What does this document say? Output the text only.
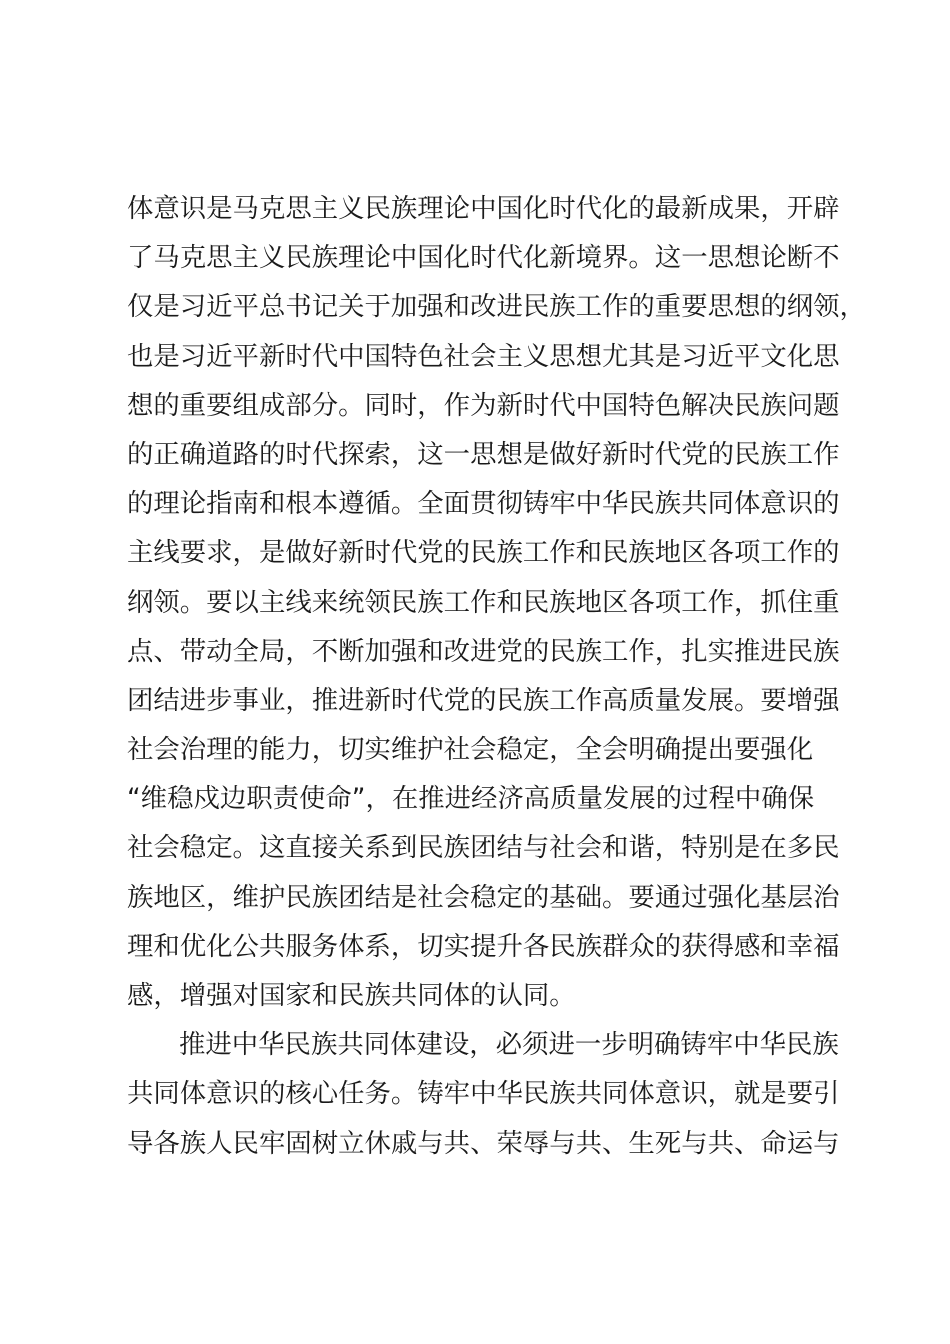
体意识是马克思主义民族理论中国化时代化的最新成果，开辟
了马克思主义民族理论中国化时代化新境界。这一思想论断不
仅是习近平总书记关于加强和改进民族工作的重要思想的纲领，
也是习近平新时代中国特色社会主义思想尤其是习近平文化思
想的重要组成部分。同时，作为新时代中国特色解决民族问题
的正确道路的时代探索，这一思想是做好新时代党的民族工作
的理论指南和根本遵循。全面贯彻铸牢中华民族共同体意识的
主线要求，是做好新时代党的民族工作和民族地区各项工作的
纲领。要以主线来统领民族工作和民族地区各项工作，抓住重
点、带动全局，不断加强和改进党的民族工作，扎实推进民族
团结进步事业，推进新时代党的民族工作高质量发展。要增强
社会治理的能力，切实维护社会稳定，全会明确提出要强化
“维稳戍边职责使命”，在推进经济高质量发展的过程中确保
社会稳定。这直接关系到民族团结与社会和谐，特别是在多民
族地区，维护民族团结是社会稳定的基础。要通过强化基层治
理和优化公共服务体系，切实提升各民族群众的获得感和幸福
感，增强对国家和民族共同体的认同。
推进中华民族共同体建设，必须进一步明确铸牢中华民族
共同体意识的核心任务。铸牢中华民族共同体意识，就是要引
导各族人民牢固树立休戚与共、荣辱与共、生死与共、命运与
